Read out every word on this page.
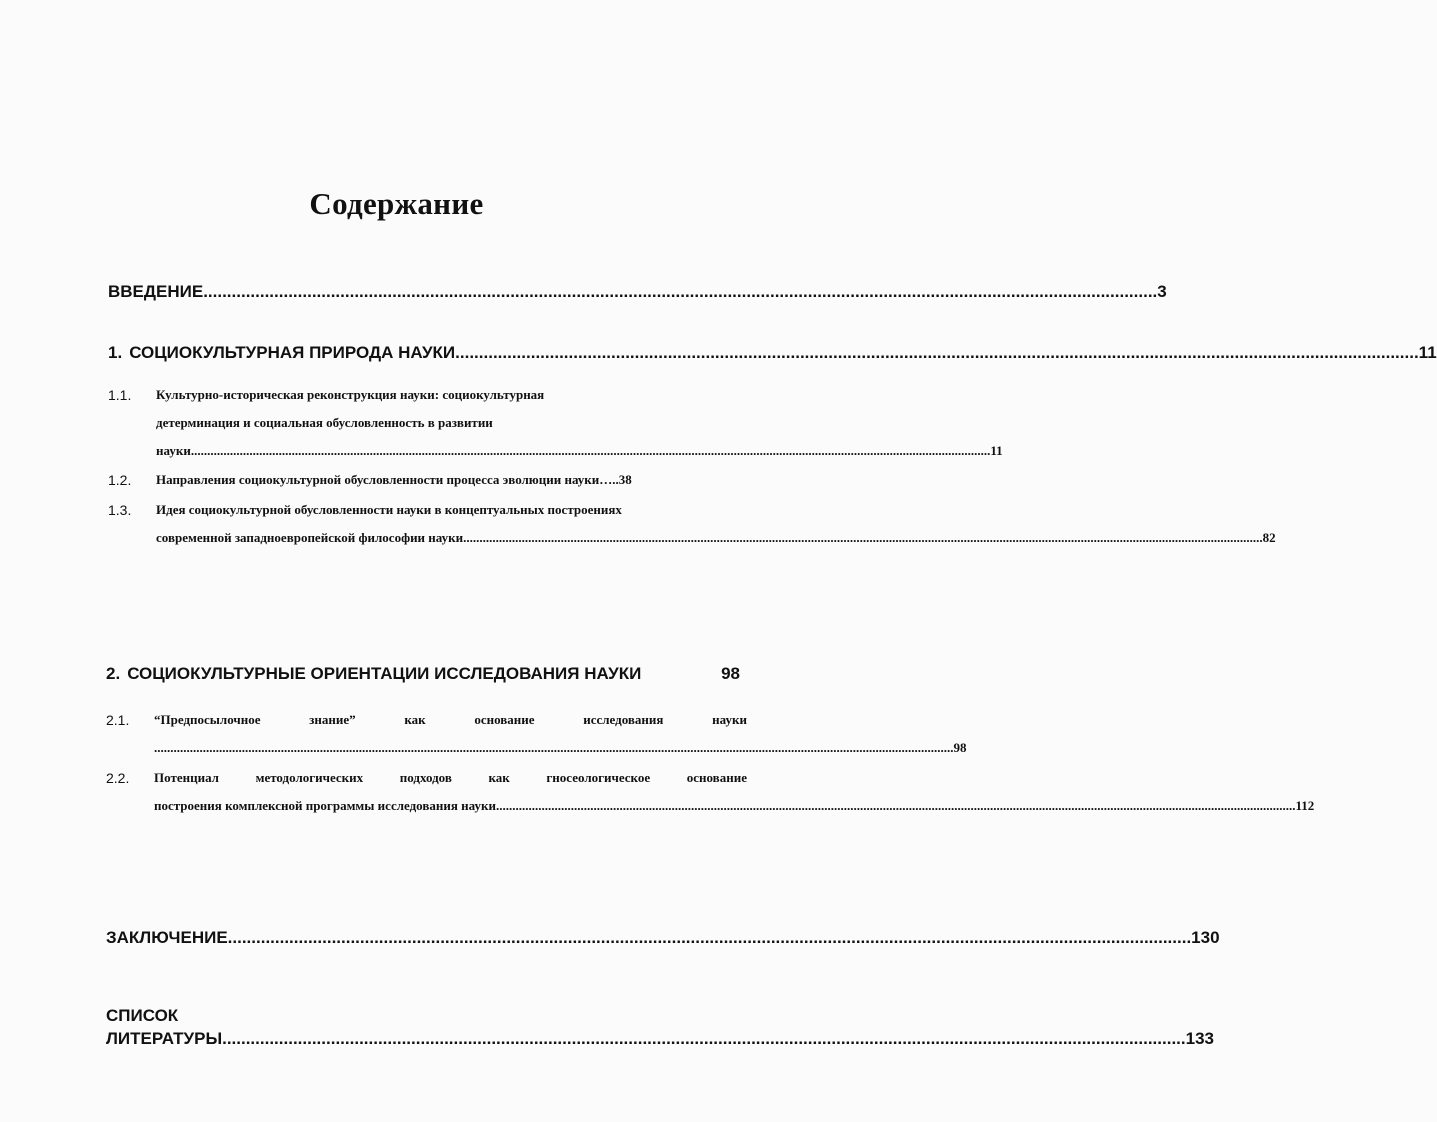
Содержание
ВВЕДЕНИЕ .......................................................................................................................................................................................................... 3
1. СОЦИОКУЛЬТУРНАЯ ПРИРОДА НАУКИ .......................................................................................................................................................................................................... ..11
1.1. Культурно-историческая реконструкция науки: социокультурная
детерминация и социальная обусловленность в развитии
науки ...................................................................................................................................................................................................................................................... 11
1.2. Направления социокультурной обусловленности процесса эволюции науки …..38
1.3. Идея социокультурной обусловленности науки в концептуальных построениях
современной западноевропейской философии науки ...................................................................................................................................................................................................................................................... 82
2. СОЦИОКУЛЬТУРНЫЕ ОРИЕНТАЦИИ ИССЛЕДОВАНИЯ НАУКИ	98
2.1. “Предпосылочное	знание”	как	основание	исследования	науки
...................................................................................................................................................................................................................................................... 98
2.2. Потенциал	методологических	подходов	как	гносеологическое	основание
построения комплексной программы исследования науки ...................................................................................................................................................................................................................................................... 112
ЗАКЛЮЧЕНИЕ .......................................................................................................................................................................................................... ..130
СПИСОК
ЛИТЕРАТУРЫ .......................................................................................................................................................................................................... ..133
